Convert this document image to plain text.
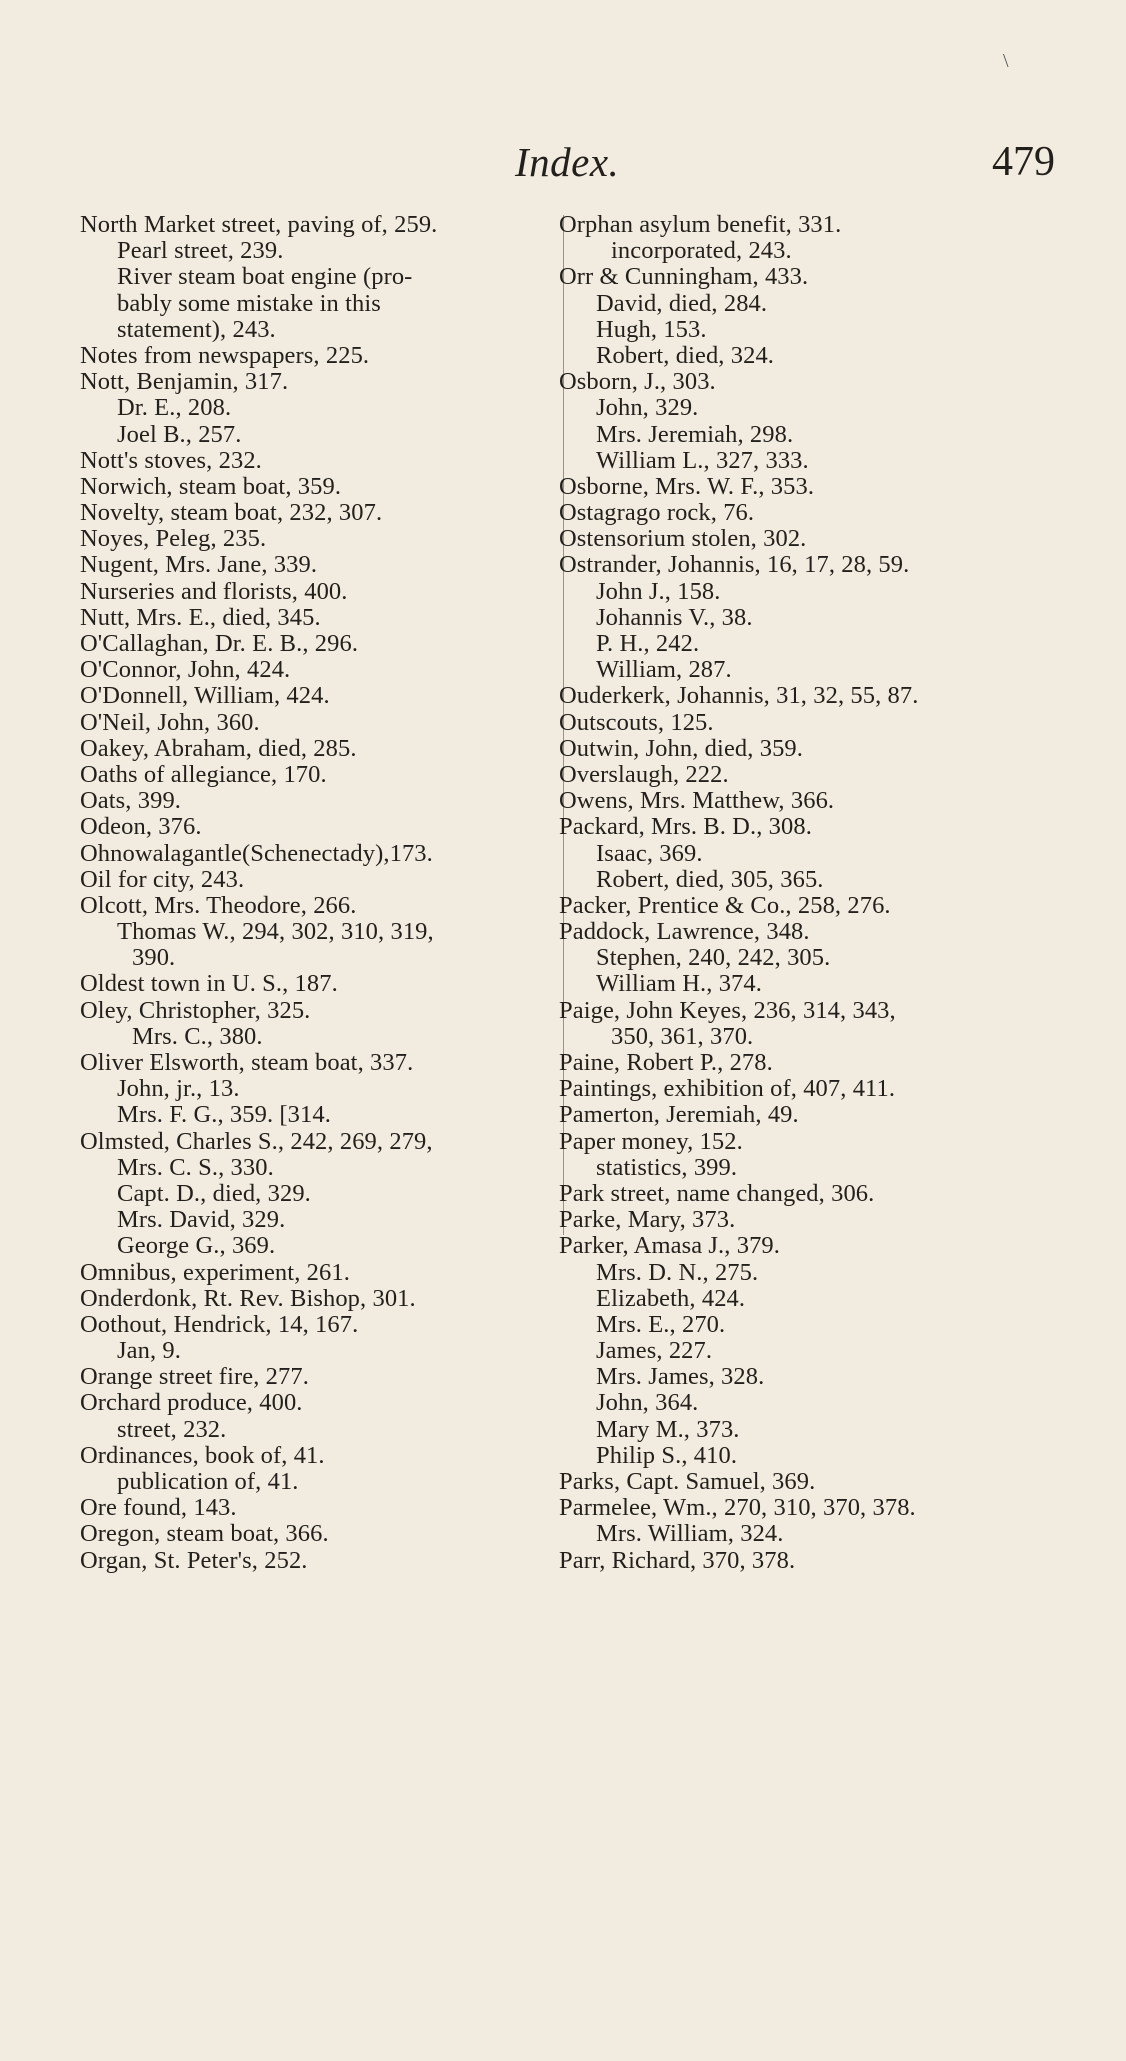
\
Index.	479
North Market street, paving of, 259.
Pearl street, 239.
River steam boat engine (pro-
bably some mistake in this
statement), 243.
Notes from newspapers, 225.
Nott, Benjamin, 317.
Dr. E., 208.
Joel B., 257.
Nott's stoves, 232.
Norwich, steam boat, 359.
Novelty, steam boat, 232, 307.
Noyes, Peleg, 235.
Nugent, Mrs. Jane, 339.
Nurseries and florists, 400.
Nutt, Mrs. E., died, 345.
O'Callaghan, Dr. E. B., 296.
O'Connor, John, 424.
O'Donnell, William, 424.
O'Neil, John, 360.
Oakey, Abraham, died, 285.
Oaths of allegiance, 170.
Oats, 399.
Odeon, 376.
Ohnowalagantle(Schenectady),173.
Oil for city, 243.
Olcott, Mrs. Theodore, 266.
Thomas W., 294, 302, 310, 319,
390.
Oldest town in U. S., 187.
Oley, Christopher, 325.
Mrs. C., 380.
Oliver Elsworth, steam boat, 337.
John, jr., 13.
Mrs. F. G., 359. [314.
Olmsted, Charles S., 242, 269, 279,
Mrs. C. S., 330.
Capt. D., died, 329.
Mrs. David, 329.
George G., 369.
Omnibus, experiment, 261.
Onderdonk, Rt. Rev. Bishop, 301.
Oothout, Hendrick, 14, 167.
Jan, 9.
Orange street fire, 277.
Orchard produce, 400.
street, 232.
Ordinances, book of, 41.
publication of, 41.
Ore found, 143.
Oregon, steam boat, 366.
Organ, St. Peter's, 252.
Orphan asylum benefit, 331.
incorporated, 243.
Orr & Cunningham, 433.
David, died, 284.
Hugh, 153.
Robert, died, 324.
Osborn, J., 303.
John, 329.
Mrs. Jeremiah, 298.
William L., 327, 333.
Osborne, Mrs. W. F., 353.
Ostagrago rock, 76.
Ostensorium stolen, 302.
Ostrander, Johannis, 16, 17, 28, 59.
John J., 158.
Johannis V., 38.
P. H., 242.
William, 287.
Ouderkerk, Johannis, 31, 32, 55, 87.
Outscouts, 125.
Outwin, John, died, 359.
Overslaugh, 222.
Owens, Mrs. Matthew, 366.
Packard, Mrs. B. D., 308.
Isaac, 369.
Robert, died, 305, 365.
Packer, Prentice & Co., 258, 276.
Paddock, Lawrence, 348.
Stephen, 240, 242, 305.
William H., 374.
Paige, John Keyes, 236, 314, 343,
350, 361, 370.
Paine, Robert P., 278.
Paintings, exhibition of, 407, 411.
Pamerton, Jeremiah, 49.
Paper money, 152.
statistics, 399.
Park street, name changed, 306.
Parke, Mary, 373.
Parker, Amasa J., 379.
Mrs. D. N., 275.
Elizabeth, 424.
Mrs. E., 270.
James, 227.
Mrs. James, 328.
John, 364.
Mary M., 373.
Philip S., 410.
Parks, Capt. Samuel, 369.
Parmelee, Wm., 270, 310, 370, 378.
Mrs. William, 324.
Parr, Richard, 370, 378.
